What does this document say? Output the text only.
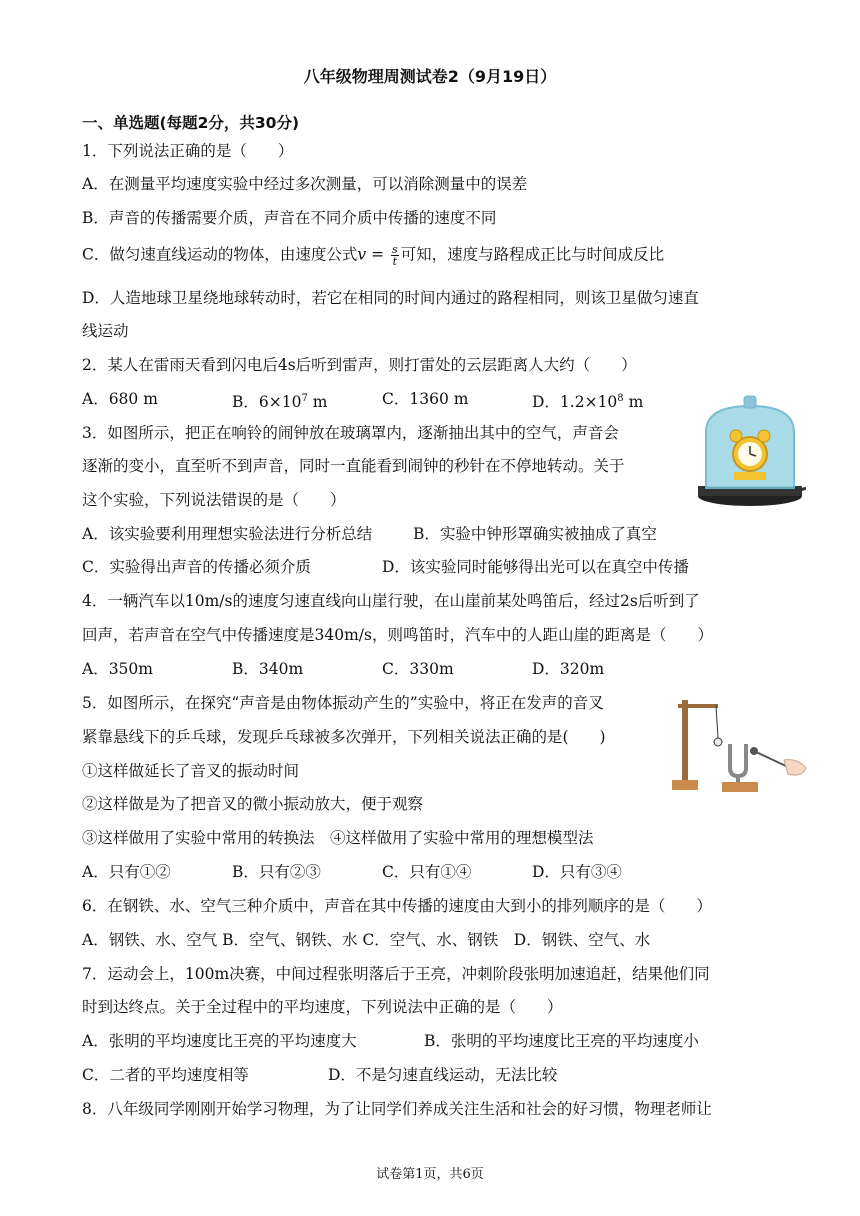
八年级物理周测试卷2（9月19日）
一、单选题(每题2分，共30分)
1．下列说法正确的是（　　）
A．在测量平均速度实验中经过多次测量，可以消除测量中的误差
B．声音的传播需要介质，声音在不同介质中传播的速度不同
C．做匀速直线运动的物体，由速度公式$v = \frac{s}{t}$ 可知，速度与路程成正比与时间成反比
D．人造地球卫星绕地球转动时，若它在相同的时间内通过的路程相同，则该卫星做匀速直
线运动
2．某人在雷雨天看到闪电后4s后听到雷声，则打雷处的云层距离人大约（　　）
A．680 m	B．$6\times 10^7$ m	C．1360 m	D．$1.2\times 10^8$ m
3．如图所示，把正在响铃的闹钟放在玻璃罩内，逐渐抽出其中的空气，声音会
逐渐的变小，直至听不到声音，同时一直能看到闹钟的秒针在不停地转动。关于
这个实验，下列说法错误的是（　　）
A．该实验要利用理想实验法进行分析总结	B．实验中钟形罩确实被抽成了真空
C．实验得出声音的传播必须介质	D．该实验同时能够得出光可以在真空中传播
4．一辆汽车以10m/s的速度匀速直线向山崖行驶，在山崖前某处鸣笛后，经过2s后听到了
回声，若声音在空气中传播速度是340m/s，则鸣笛时，汽车中的人距山崖的距离是（　　）
A．350m	B．340m	C．330m	D．320m
5．如图所示，在探究“声音是由物体振动产生的”实验中，将正在发声的音叉
紧靠悬线下的乒乓球，发现乒乓球被多次弹开，下列相关说法正确的是(　　)
①这样做延长了音叉的振动时间
②这样做是为了把音叉的微小振动放大，便于观察
③这样做用了实验中常用的转换法　④这样做用了实验中常用的理想模型法
A．只有①②	B．只有②③	C．只有①④	D．只有③④
6．在钢铁、水、空气三种介质中，声音在其中传播的速度由大到小的排列顺序的是（　　）
A．钢铁、水、空气 B．空气、钢铁、水 C．空气、水、钢铁　D．钢铁、空气、水
7．运动会上，100m决赛，中间过程张明落后于王亮，冲刺阶段张明加速追赶，结果他们同
时到达终点。关于全过程中的平均速度，下列说法中正确的是（　　）
A．张明的平均速度比王亮的平均速度大	B．张明的平均速度比王亮的平均速度小
C．二者的平均速度相等	D．不是匀速直线运动，无法比较
8．八年级同学刚刚开始学习物理，为了让同学们养成关注生活和社会的好习惯，物理老师让
试卷第1页，共6页
